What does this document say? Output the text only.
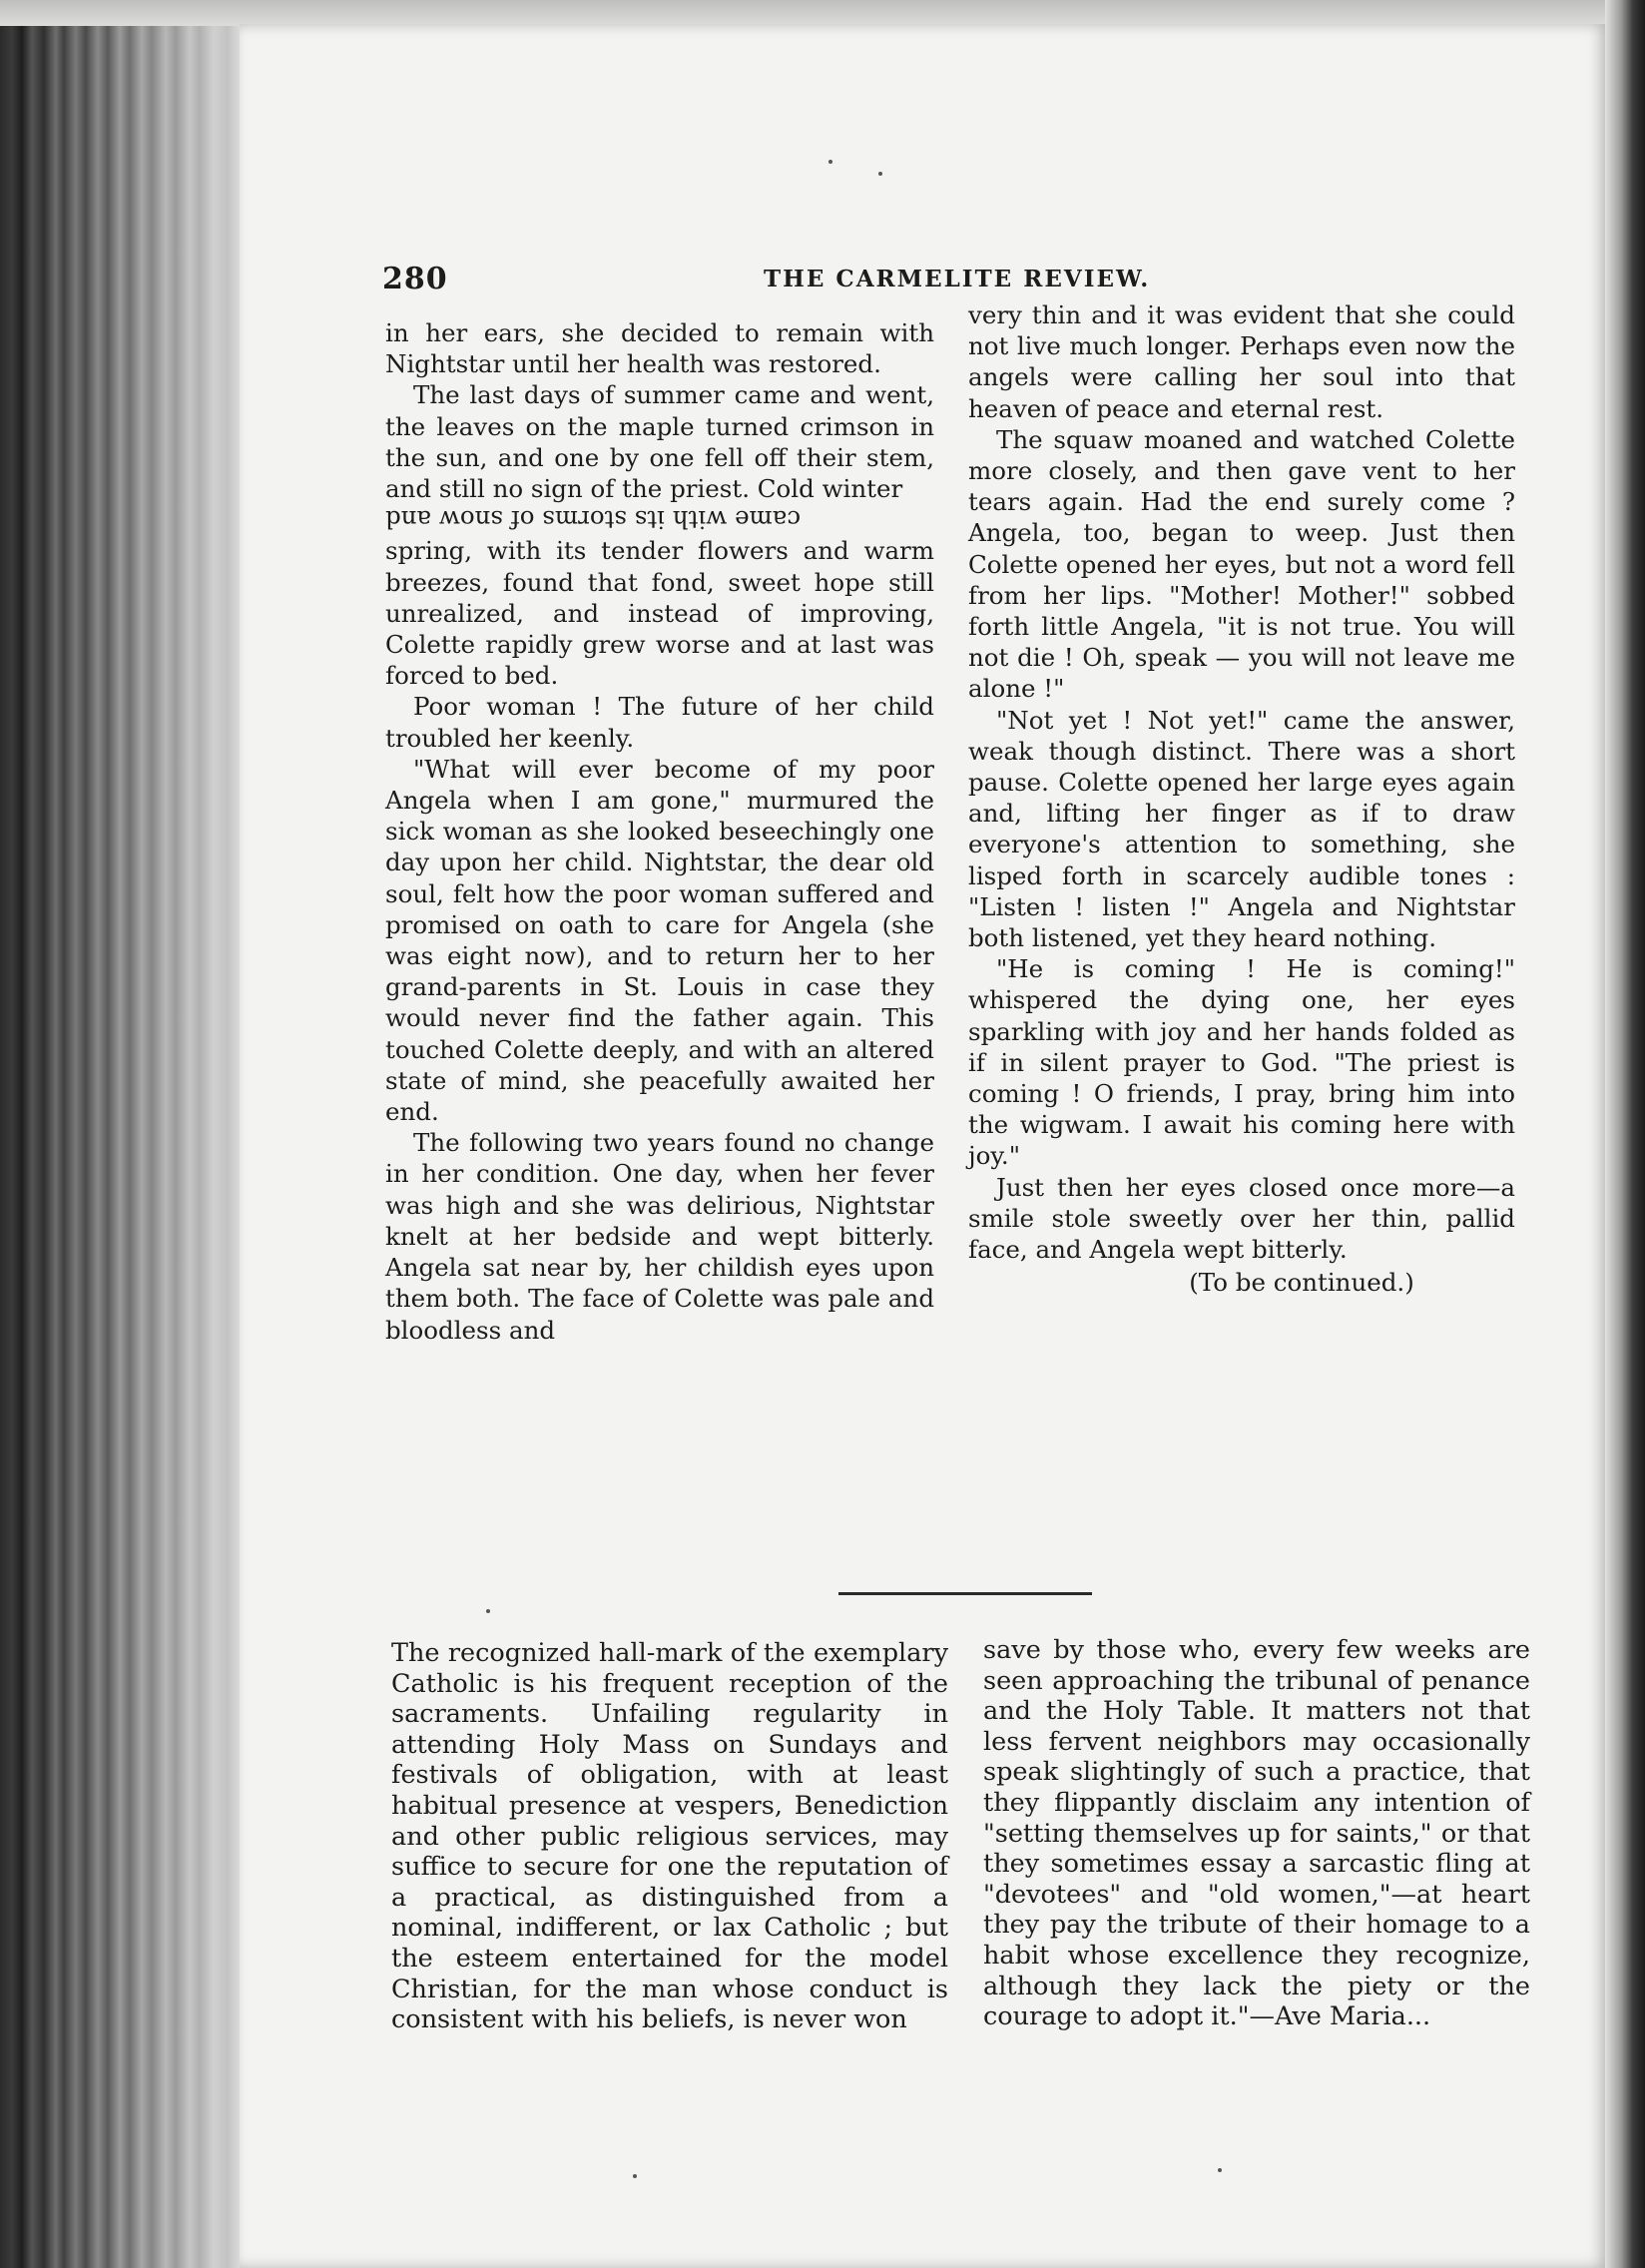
280	THE CARMELITE REVIEW.

in her ears, she decided to remain with Nightstar until her health was restored.

The last days of summer came and went, the leaves on the maple turned crimson in the sun, and one by one fell off their stem, and still no sign of the priest. Cold winter

came with its storms of snow and

spring, with its tender flowers and warm breezes, found that fond, sweet hope still unrealized, and instead of improving, Colette rapidly grew worse and at last was forced to bed.

Poor woman ! The future of her child troubled her keenly.

"What will ever become of my poor Angela when I am gone," murmured the sick woman as she looked beseechingly one day upon her child. Nightstar, the dear old soul, felt how the poor woman suffered and promised on oath to care for Angela (she was eight now), and to return her to her grand-parents in St. Louis in case they would never find the father again. This touched Colette deeply, and with an altered state of mind, she peacefully awaited her end.

The following two years found no change in her condition. One day, when her fever was high and she was delirious, Nightstar knelt at her bedside and wept bitterly. Angela sat near by, her childish eyes upon them both. The face of Colette was pale and bloodless and

very thin and it was evident that she could not live much longer. Perhaps even now the angels were calling her soul into that heaven of peace and eternal rest.

The squaw moaned and watched Colette more closely, and then gave vent to her tears again. Had the end surely come ? Angela, too, began to weep. Just then Colette opened her eyes, but not a word fell from her lips. "Mother! Mother!" sobbed forth little Angela, "it is not true. You will not die ! Oh, speak — you will not leave me alone !"

"Not yet ! Not yet!" came the answer, weak though distinct. There was a short pause. Colette opened her large eyes again and, lifting her finger as if to draw everyone's attention to something, she lisped forth in scarcely audible tones : "Listen ! listen !" Angela and Nightstar both listened, yet they heard nothing.

"He is coming ! He is coming!" whispered the dying one, her eyes sparkling with joy and her hands folded as if in silent prayer to God. "The priest is coming ! O friends, I pray, bring him into the wigwam. I await his coming here with joy."

Just then her eyes closed once more—a smile stole sweetly over her thin, pallid face, and Angela wept bitterly.

(To be continued.)

The recognized hall-mark of the exemplary Catholic is his frequent reception of the sacraments. Unfailing regularity in attending Holy Mass on Sundays and festivals of obligation, with at least habitual presence at vespers, Benediction and other public religious services, may suffice to secure for one the reputation of a practical, as distinguished from a nominal, indifferent, or lax Catholic ; but the esteem entertained for the model Christian, for the man whose conduct is consistent with his beliefs, is never won

save by those who, every few weeks are seen approaching the tribunal of penance and the Holy Table. It matters not that less fervent neighbors may occasionally speak slightingly of such a practice, that they flippantly disclaim any intention of "setting themselves up for saints," or that they sometimes essay a sarcastic fling at "devotees" and "old women,"—at heart they pay the tribute of their homage to a habit whose excellence they recognize, although they lack the piety or the courage to adopt it."—Ave Maria...
